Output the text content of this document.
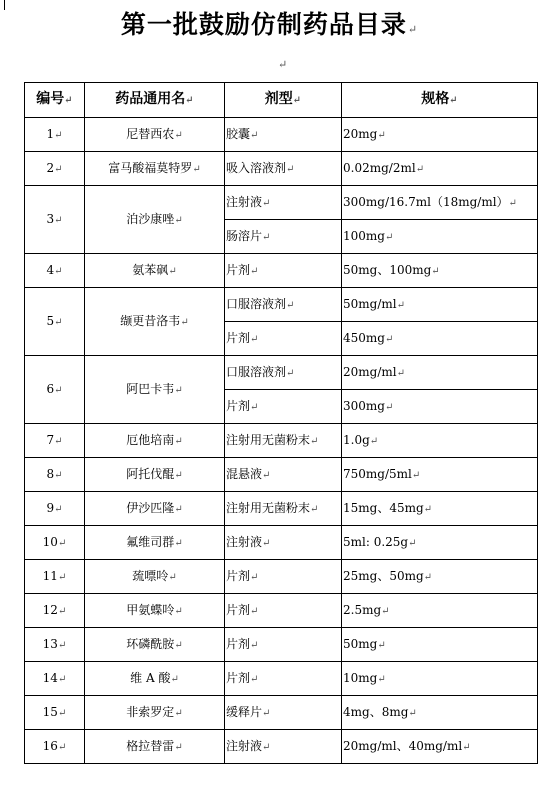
第一批鼓励仿制药品目录↵
↵
编号↵	药品通用名↵	剂型↵	规格↵
1↵	尼替西农↵	胶囊↵	20mg↵
2↵	富马酸福莫特罗↵	吸入溶液剂↵	0.02mg/2ml↵
3↵	泊沙康唑↵	注射液↵	300mg/16.7ml（18mg/ml）↵
		肠溶片↵	100mg↵
4↵	氨苯砜↵	片剂↵	50mg、100mg↵
5↵	缬更昔洛韦↵	口服溶液剂↵	50mg/ml↵
		片剂↵	450mg↵
6↵	阿巴卡韦↵	口服溶液剂↵	20mg/ml↵
		片剂↵	300mg↵
7↵	厄他培南↵	注射用无菌粉末↵	1.0g↵
8↵	阿托伐醌↵	混悬液↵	750mg/5ml↵
9↵	伊沙匹隆↵	注射用无菌粉末↵	15mg、45mg↵
10↵	氟维司群↵	注射液↵	5ml: 0.25g↵
11↵	巯嘌呤↵	片剂↵	25mg、50mg↵
12↵	甲氨蝶呤↵	片剂↵	2.5mg↵
13↵	环磷酰胺↵	片剂↵	50mg↵
14↵	维 A 酸↵	片剂↵	10mg↵
15↵	非索罗定↵	缓释片↵	4mg、8mg↵
16↵	格拉替雷↵	注射液↵	20mg/ml、40mg/ml↵
